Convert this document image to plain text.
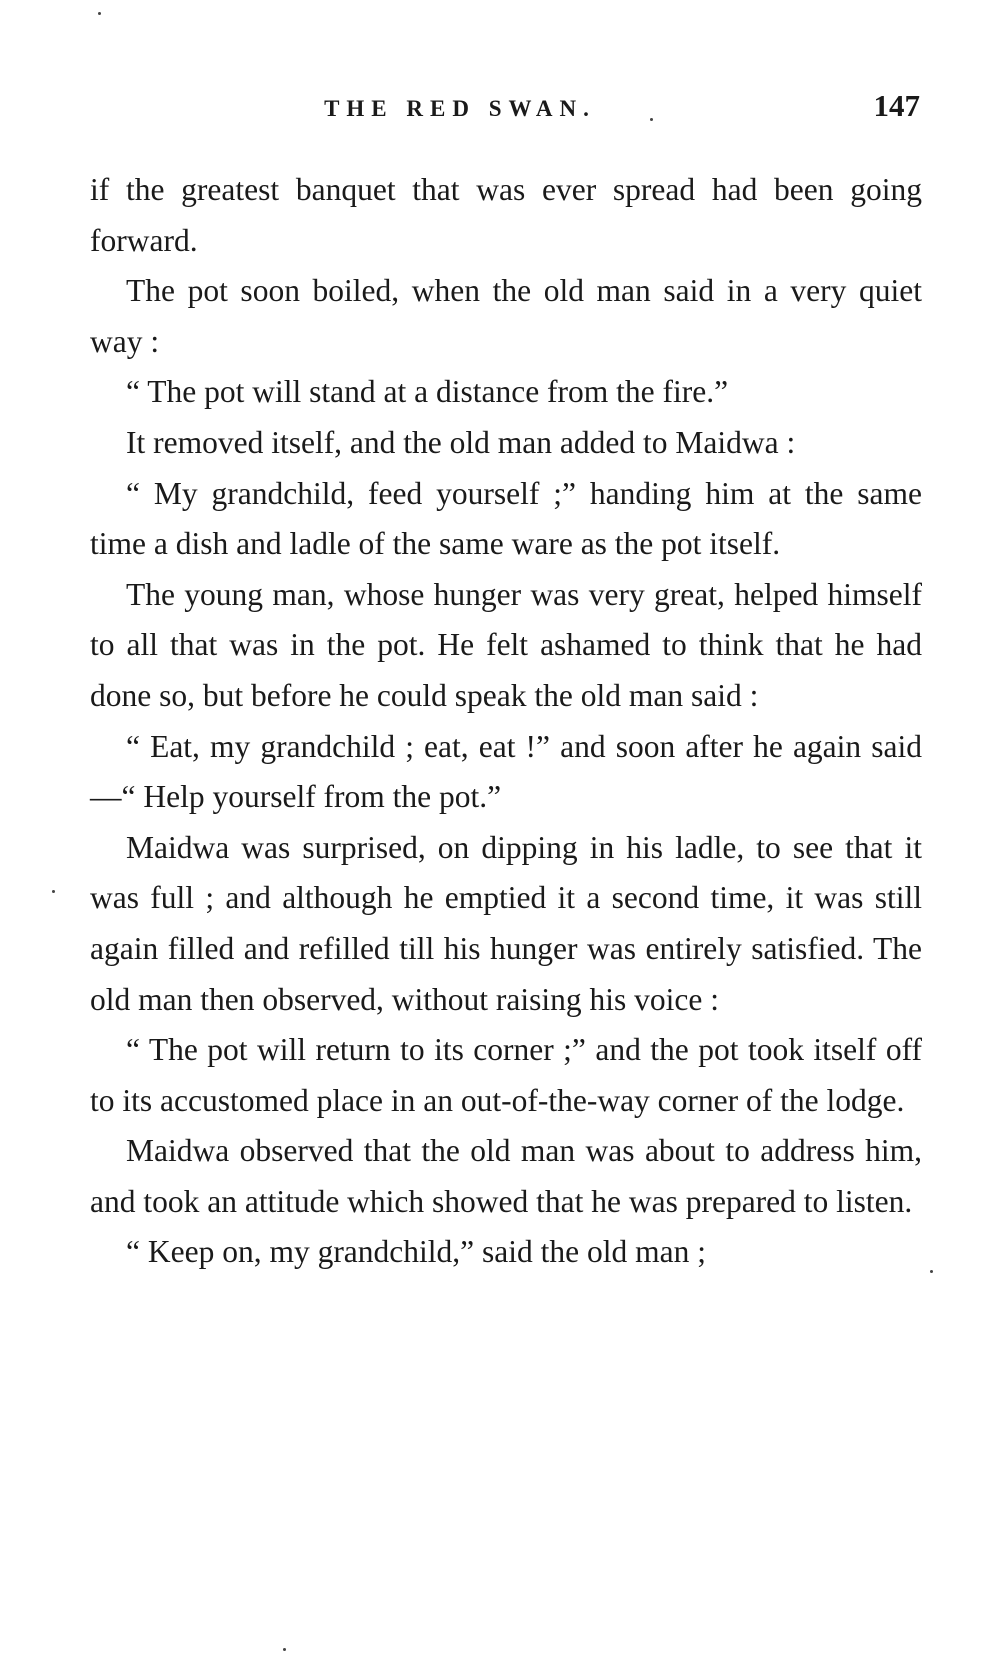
THE RED SWAN.	147

if the greatest banquet that was ever spread had been going forward.

The pot soon boiled, when the old man said in a very quiet way :

“ The pot will stand at a distance from the fire.”

It removed itself, and the old man added to Maidwa :

“ My grandchild, feed yourself ;” handing him at the same time a dish and ladle of the same ware as the pot itself.

The young man, whose hunger was very great, helped himself to all that was in the pot. He felt ashamed to think that he had done so, but before he could speak the old man said :

“ Eat, my grandchild ; eat, eat !” and soon after he again said—“ Help yourself from the pot.”

Maidwa was surprised, on dipping in his ladle, to see that it was full ; and although he emptied it a second time, it was still again filled and refilled till his hunger was entirely satisfied. The old man then observed, without raising his voice :

“ The pot will return to its corner ;” and the pot took itself off to its accustomed place in an out-of-the-way corner of the lodge.

Maidwa observed that the old man was about to address him, and took an attitude which showed that he was prepared to listen.

“ Keep on, my grandchild,” said the old man ;
